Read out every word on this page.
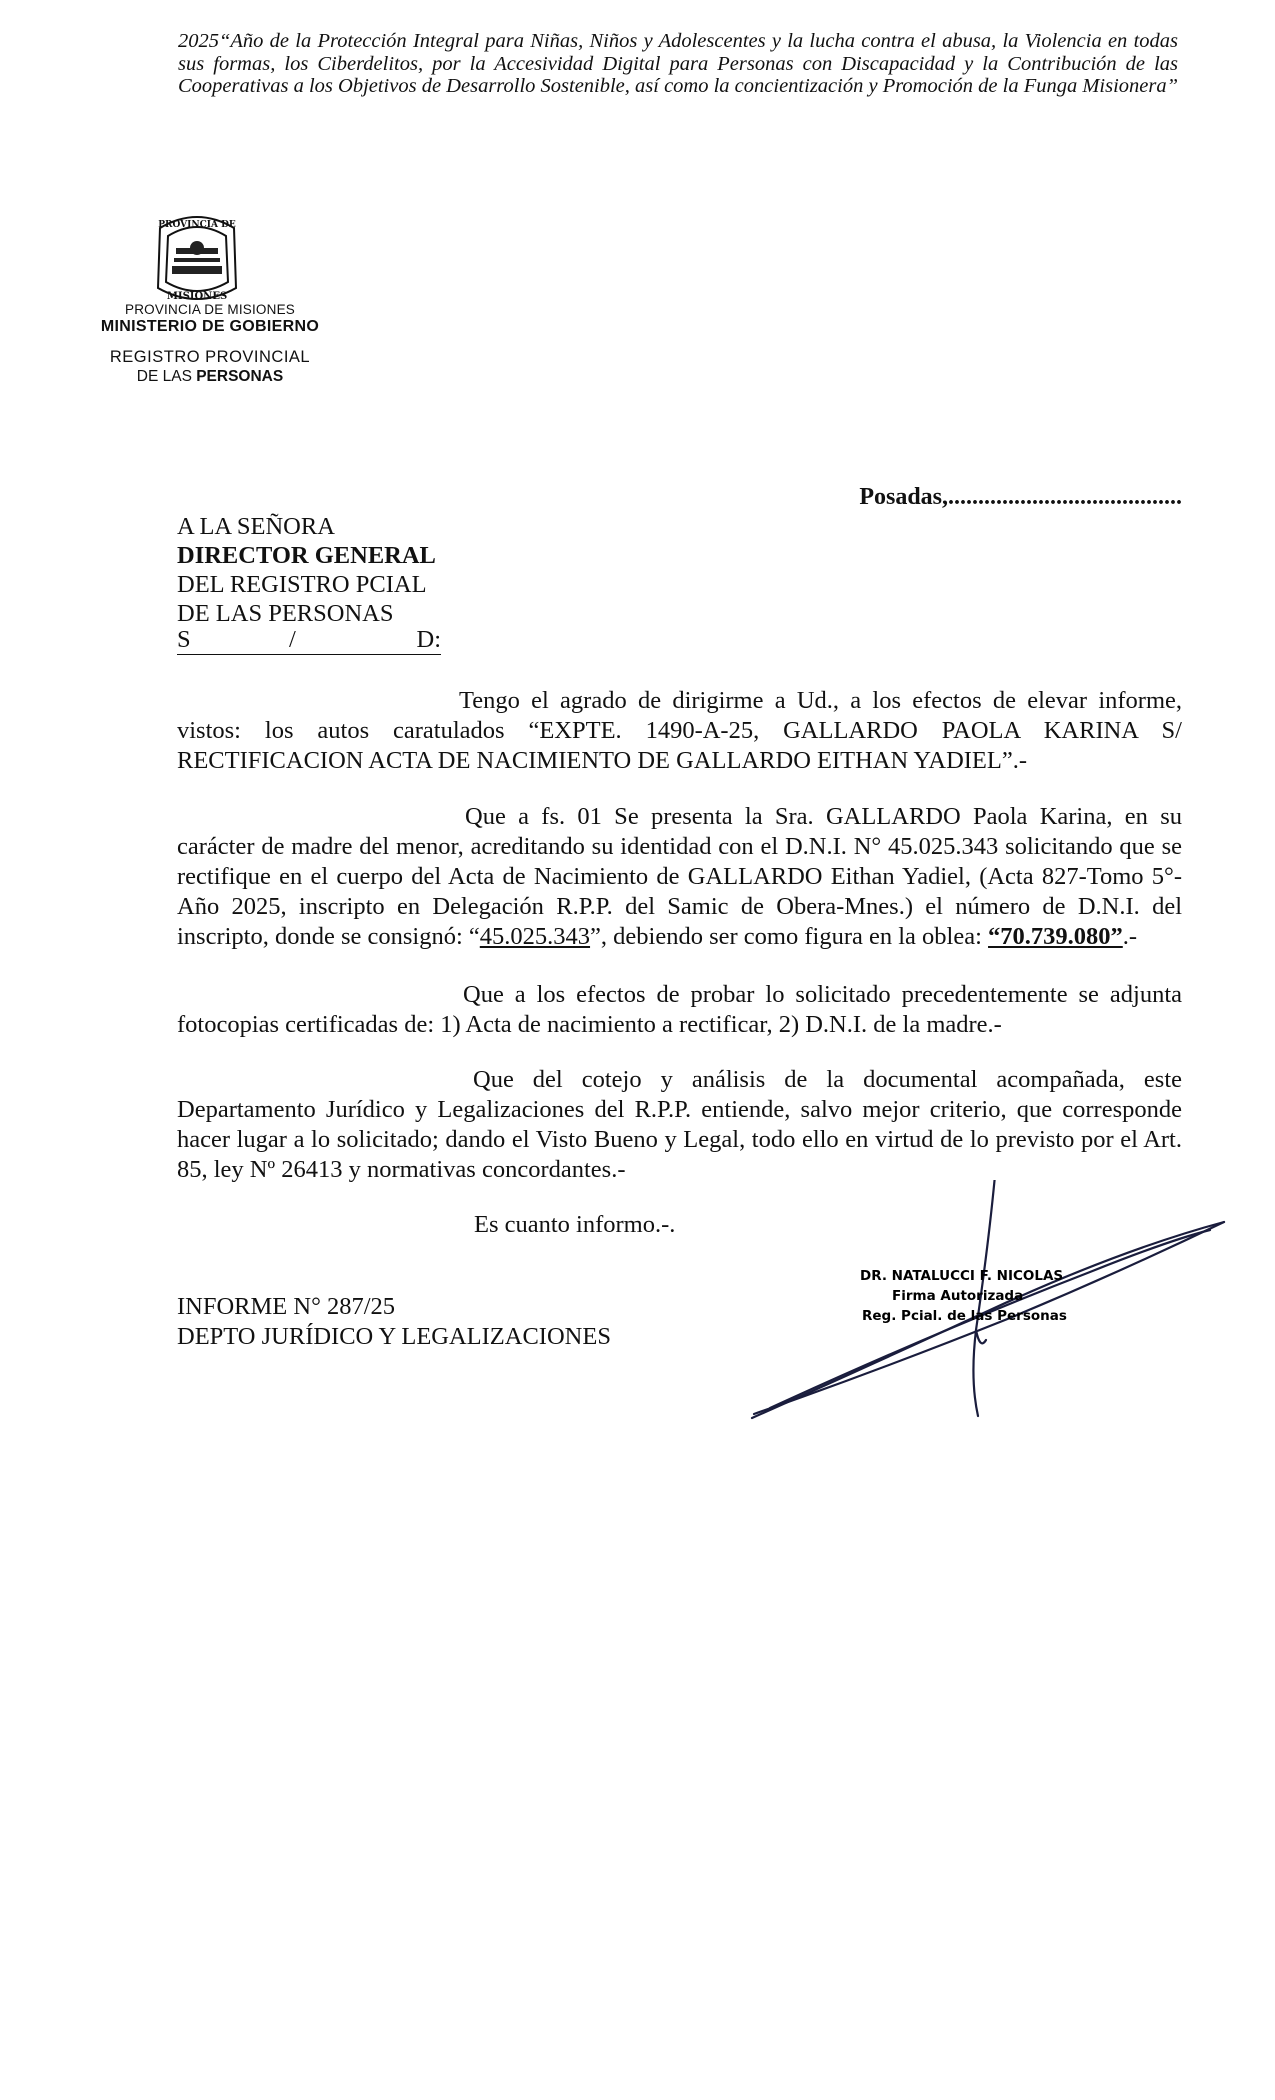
2025“Año de la Protección Integral para Niñas, Niños y Adolescentes y la lucha contra el abusa, la Violencia en todas sus formas, los Ciberdelitos, por la Accesividad Digital para Personas con Discapacidad y la Contribución de las Cooperativas a los Objetivos de Desarrollo Sostenible, así como la concientización y Promoción de la Funga Misionera”
PROVINCIA DE
MISIONES
PROVINCIA DE MISIONES
MINISTERIO DE GOBIERNO
REGISTRO PROVINCIAL
DE LAS PERSONAS
Posadas,.......................................
A LA SEÑORA
DIRECTOR GENERAL
DEL REGISTRO PCIAL
DE LAS PERSONAS
S	/	D:
Tengo el agrado de dirigirme a Ud., a los efectos de elevar informe, vistos: los autos caratulados “EXPTE. 1490-A-25, GALLARDO PAOLA KARINA S/ RECTIFICACION ACTA DE NACIMIENTO DE GALLARDO EITHAN YADIEL”.-
Que a fs. 01 Se presenta la Sra. GALLARDO Paola Karina, en su carácter de madre del menor, acreditando su identidad con el D.N.I. N° 45.025.343 solicitando que se rectifique en el cuerpo del Acta de Nacimiento de GALLARDO Eithan Yadiel, (Acta 827-Tomo 5°-Año 2025, inscripto en Delegación R.P.P. del Samic de Obera-Mnes.) el número de D.N.I. del inscripto, donde se consignó: “45.025.343”, debiendo ser como figura en la oblea: “70.739.080”.-
Que a los efectos de probar lo solicitado precedentemente se adjunta fotocopias certificadas de: 1) Acta de nacimiento a rectificar, 2) D.N.I. de la madre.-
Que del cotejo y análisis de la documental acompañada, este Departamento Jurídico y Legalizaciones del R.P.P. entiende, salvo mejor criterio, que corresponde hacer lugar a lo solicitado; dando el Visto Bueno y Legal, todo ello en virtud de lo previsto por el Art. 85, ley Nº 26413 y normativas concordantes.-
Es cuanto informo.-.
INFORME N° 287/25
DEPTO JURÍDICO Y LEGALIZACIONES
DR. NATALUCCI F. NICOLAS
Firma Autorizada
Reg. Pcial. de las Personas
